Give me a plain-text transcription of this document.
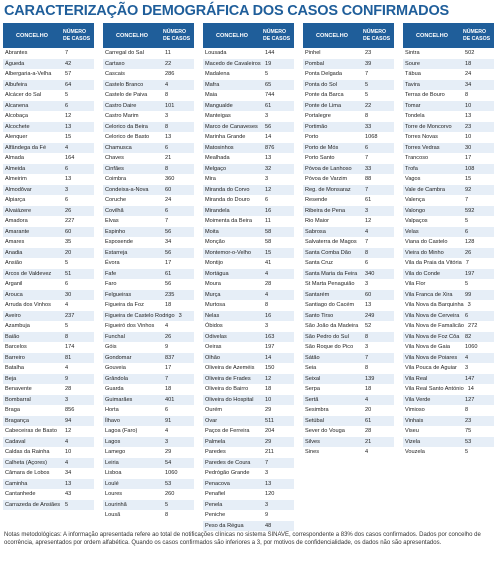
CARACTERIZAÇÃO DEMOGRÁFICA DOS CASOS CONFIRMADOS
CONCELHO
NÚMERO
DE CASOS
Abrantes	7
Águeda	42
Albergaria-a-Velha	57
Albufeira	64
Alcácer do Sal	5
Alcanena	6
Alcobaça	12
Alcochete	13
Alenquer	15
Alfândega da Fé	4
Almada	164
Almeida	6
Almeirim	13
Almodôvar	3
Alpiarça	6
Alvaiázere	26
Amadora	227
Amarante	60
Amares	35
Anadia	20
Ansião	5
Arcos de Valdevez	51
Arganil	6
Arouca	30
Arruda dos Vinhos	4
Aveiro	237
Azambuja	5
Baião	8
Barcelos	174
Barreiro	81
Batalha	4
Beja	9
Benavente	28
Bombarral	3
Braga	856
Bragança	94
Cabeceiras de Basto	12
Cadaval	4
Caldas da Rainha	10
Calheta (Açores)	4
Câmara de Lobos	34
Caminha	13
Cantanhede	43
Carrazeda de Ansiães 5
CONCELHO
NÚMERO
DE CASOS
Carregal do Sal	11
Cartaxo	22
Cascais	286
Castelo Branco	4
Castelo de Paiva	8
Castro Daire	101
Castro Marim	3
Celorico da Beira	8
Celorico de Basto	13
Chamusca	6
Chaves	21
Cinfães	8
Coimbra	360
Condeixa-a-Nova	60
Coruche	24
Covilhã	6
Elvas	7
Espinho	56
Esposende	34
Estarreja	56
Évora	17
Fafe	61
Faro	56
Felgueiras	235
Figueira da Foz	18
Figueira de Castelo Rodrigo 3
Figueiró dos Vinhos	4
Funchal	26
Góis	9
Gondomar	837
Gouveia	17
Grândola	7
Guarda	18
Guimarães	401
Horta	6
Ílhavo	91
Lagoa (Faro)	4
Lagos	3
Lamego	29
Leiria	54
Lisboa	1060
Loulé	53
Loures	260
Lourinhã	5
Lousã	8
CONCELHO
NÚMERO
DE CASOS
Lousada	144
Macedo de Cavaleiros 19
Madalena	5
Mafra	65
Maia	744
Mangualde	61
Manteigas	3
Marco de Canaveses	56
Marinha Grande	14
Matosinhos	876
Mealhada	13
Melgaço	32
Mira	3
Miranda do Corvo	12
Miranda do Douro	6
Mirandela	16
Moimenta da Beira	11
Moita	58
Monção	58
Montemor-o-Velho	15
Montijo	41
Mortágua	4
Moura	28
Murça	4
Murtosa	8
Nelas	16
Óbidos	3
Odivelas	163
Oeiras	197
Olhão	14
Oliveira de Azeméis	150
Oliveira de Frades	12
Oliveira do Bairro	18
Oliveira do Hospital	10
Ourém	29
Ovar	511
Paços de Ferreira	204
Palmela	29
Paredes	211
Paredes de Coura	7
Pedrógão Grande	3
Penacova	13
Penafiel	120
Penela	3
Peniche	9
Peso da Régua	48
CONCELHO
NÚMERO
DE CASOS
Pinhel	23
Pombal	39
Ponta Delgada	7
Ponta do Sol	5
Ponte da Barca	5
Ponte de Lima	22
Portalegre	8
Portimão	33
Porto	1068
Porto de Mós	6
Porto Santo	7
Póvoa de Lanhoso	33
Póvoa de Varzim	88
Reg. de Monsaraz	7
Resende	61
Ribeira de Pena	3
Rio Maior	12
Sabrosa	4
Salvaterra de Magos	7
Santa Comba Dão	8
Santa Cruz	6
Santa Maria da Feira	340
St Marta Penaguião	3
Santarém	60
Santiago do Cacém	13
Santo Tirso	249
São João da Madeira	52
São Pedro do Sul	8
São Roque do Pico	3
Sátão	7
Seia	8
Seixal	139
Serpa	18
Sertã	4
Sesimbra	20
Setúbal	61
Sever do Vouga	28
Silves	21
Sines	4
CONCELHO
NÚMERO
DE CASOS
Sintra	502
Soure	18
Tábua	24
Tavira	34
Terras de Bouro	8
Tomar	10
Tondela	13
Torre de Moncorvo	23
Torres Novas	10
Torres Vedras	30
Trancoso	17
Trofa	108
Vagos	15
Vale de Cambra	92
Valença	7
Valongo	592
Valpaços	5
Velas	6
Viana do Castelo	128
Vieira do Minho	26
Vila da Praia da Vitória 7
Vila do Conde	197
Vila Flor	5
Vila Franca de Xira	99
Vila Nova da Barquinha 3
Vila Nova de Cerveira	6
Vila Nova de Famalicão 272
Vila Nova de Foz Côa	82
Vila Nova de Gaia	1060
Vila Nova de Poiares	4
Vila Pouca de Aguiar	3
Vila Real	147
Vila Real Santo António 14
Vila Verde	127
Vimioso	8
Vinhais	23
Viseu	75
Vizela	53
Vouzela	5
Notas metodológicas: A informação apresentada refere ao total de notificações clínicas no sistema SINAVE, correspondente a 83% dos casos confirmados. Dados por concelho de ocorrência, apresentados por ordem alfabética. Quando os casos confirmados são inferiores a 3, por motivos de confidencialidade, os dados não são apresentados.
